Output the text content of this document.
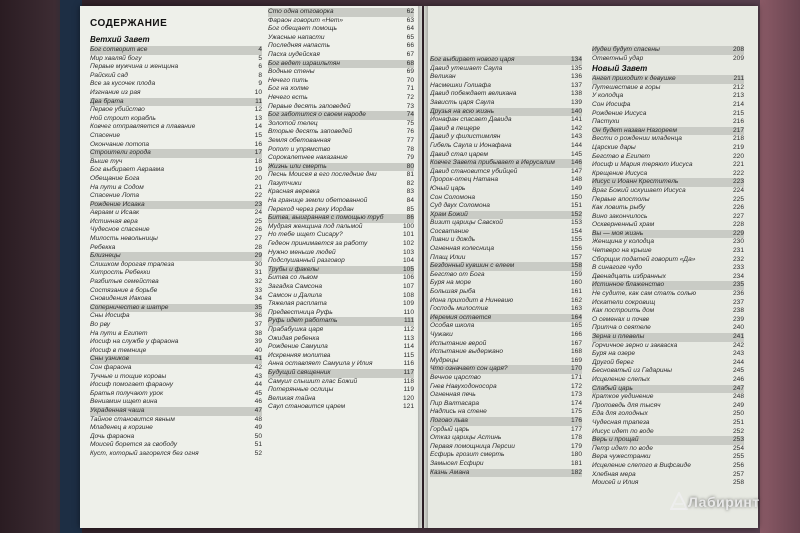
СОДЕРЖАНИЕ
Ветхий Завет
Бог сотворит все	4
Мир хваляй богу	5
Первые мужчина и женщина	6
Райский сад	8
Все за кусочек плода	9
Изгнание из рая	10
Два брата	11
Первое убийство	12
Ной строит корабль	13
Ковчег отправляется в плавание	14
Спасение	15
Окончание потопа	16
Строители города	17
Выше туч	18
Бог выбирает Авраама	19
Обещание Бога	20
На пути в Содом	21
Спасение Лота	22
Рождение Исаака	23
Авраам и Исаак	24
Истинная вера	25
Чудесное спасение	26
Милость невольницы	27
Ребекка	28
Близнецы	29
Слишком дорогая трапеза	30
Хитрость Ребекки	31
Разбитые семейства	32
Состязание в борьбе	33
Сновидения Иакова	34
Соперничество в шатре	35
Сны Иосифа	36
Во рву	37
На пути в Египет	38
Иосиф на службе у фараона	39
Иосиф в темнице	40
Сны узников	41
Сон фараона	42
Тучные и тощие коровы	43
Иосиф помогает фараону	44
Братья получают урок	45
Вениамин ищет вина	46
Украденная чаша	47
Тайное становится явным	48
Младенец в корзине	49
Дочь фараона	50
Моисей борется за свободу	51
Куст, который загорелся без огня	52
Сто одна отговорка	62
Фараон говорит «Нет»	63
Бог обещает помощь	64
Ужасные напасти	65
Последняя напасть	66
Пасха иудейская	67
Бог ведет израильтян	68
Водные стены	69
Нечего пить	70
Бог на холме	71
Нечего есть	72
Первые десять заповедей	73
Бог заботится о своем народе	74
Золотой телец	75
Вторые десять заповедей	76
Земля обетованная	77
Ропот и упрямство	78
Сорокалетнее наказание	79
Жизнь или смерть	80
Песнь Моисея в его последние дни	81
Лазутчики	82
Красная веревка	83
На границе земли обетованной	84
Переход через реку Иордан	85
Битва, выигранная с помощью труб	86
Мудрая женщина под пальмой	100
Но тебе ищет Сисару?	101
Гедеон принимается за работу	102
Нужно меньше людей	103
Подслушанный разговор	104
Трубы и факелы	105
Битва со львом	106
Загадка Самсона	107
Самсон и Далила	108
Тяжелая расплата	109
Предвестница Руфь	110
Руфь идет работать	111
Прабабушка царя	112
Ожидая ребенка	113
Рождение Самуила	114
Искренняя молитва	115
Анна оставляет Самуила у Илия	116
Будущий священник	117
Самуил слышит глас Божий	118
Потерянные ослицы	119
Великая тайна	120
Саул становится царем	121
Бог выбирает нового царя	134
Давид утешает Саула	135
Великан	136
Насмешки Голиафа	137
Давид побеждает великана	138
Зависть царя Саула	139
Друзья на всю жизнь	140
Ионафан спасает Давида	141
Давид в пещере	142
Давид у филистимлян	143
Гибель Саула и Ионафана	144
Давид стал царем	145
Ковчег Завета прибывает в Иерусалим	146
Давид становится убийцей	147
Пророк-отец Натана	148
Юный царь	149
Сон Соломона	150
Суд двух Соломона	151
Храм Божий	152
Визит царицы Савской	153
Сосватание	154
Ливни и дождь	155
Огненная колесница	156
Плащ Илии	157
Бездонный кувшин с елеем	158
Бегство от Бога	159
Буря на море	160
Большая рыба	161
Иона приходит в Ниневию	162
Господь милостив	163
Иеремия остается	164
Особая школа	165
Чужаки	166
Испытание верой	167
Испытание выдержано	168
Мудрецы	169
Что означает сон царя?	170
Вечное царство	171
Гнев Навуходоносора	172
Огненная печь	173
Пир Валтасара	174
Надпись на стене	175
Логово льва	176
Гордый царь	177
Отказ царицы Астинь	178
Первая помощница Персии	179
Есфирь грозит смерть	180
Замысел Есфири	181
Казнь Амана	182
Иудеи будут спасены	208
Ответный удар	209
Новый Завет
Ангел приходит к девушке	211
Путешествие в горы	212
У колодца	213
Сон Иосифа	214
Рождение Иисуса	215
Пастухи	216
Он будет назван Назореем	217
Вести о рождении младенца	218
Царские дары	219
Бегство в Египет	220
Иосиф и Мария теряют Иисуса	221
Крещение Иисуса	222
Иисус и Иоанн Креститель	223
Враг Божий искушает Иисуса	224
Первые апостолы	225
Как ловить рыбу	226
Вино закончилось	227
Оскверненный храм	228
Вы — моя жизнь	229
Женщина у колодца	230
Четверо на крыше	231
Сборщик податей говорит «Да»	232
В синагоге чудо	233
Двенадцать избранных	234
Истинное блаженство	235
Не судите, как сам стать солью	236
Искатели сокровищ	237
Как построить дом	238
О семенах и почве	239
Притча о сеятеле	240
Зерна и плевелы	241
Горчичное зерно и закваска	242
Буря на озере	243
Другой берег	244
Бесноватый из Гадарины	245
Исцеление слепых	246
Слабый царь	247
Краткое уединение	248
Проповедь для тысяч	249
Еда для голодных	250
Чудесная трапеза	251
Иисус идет по воде	252
Верь и прощай	253
Петр идет по воде	254
Вера чужестранки	255
Исцеление слепого в Вифсаиде	256
Хлебная мера	257
Моисей и Илия	258
Лабиринт
